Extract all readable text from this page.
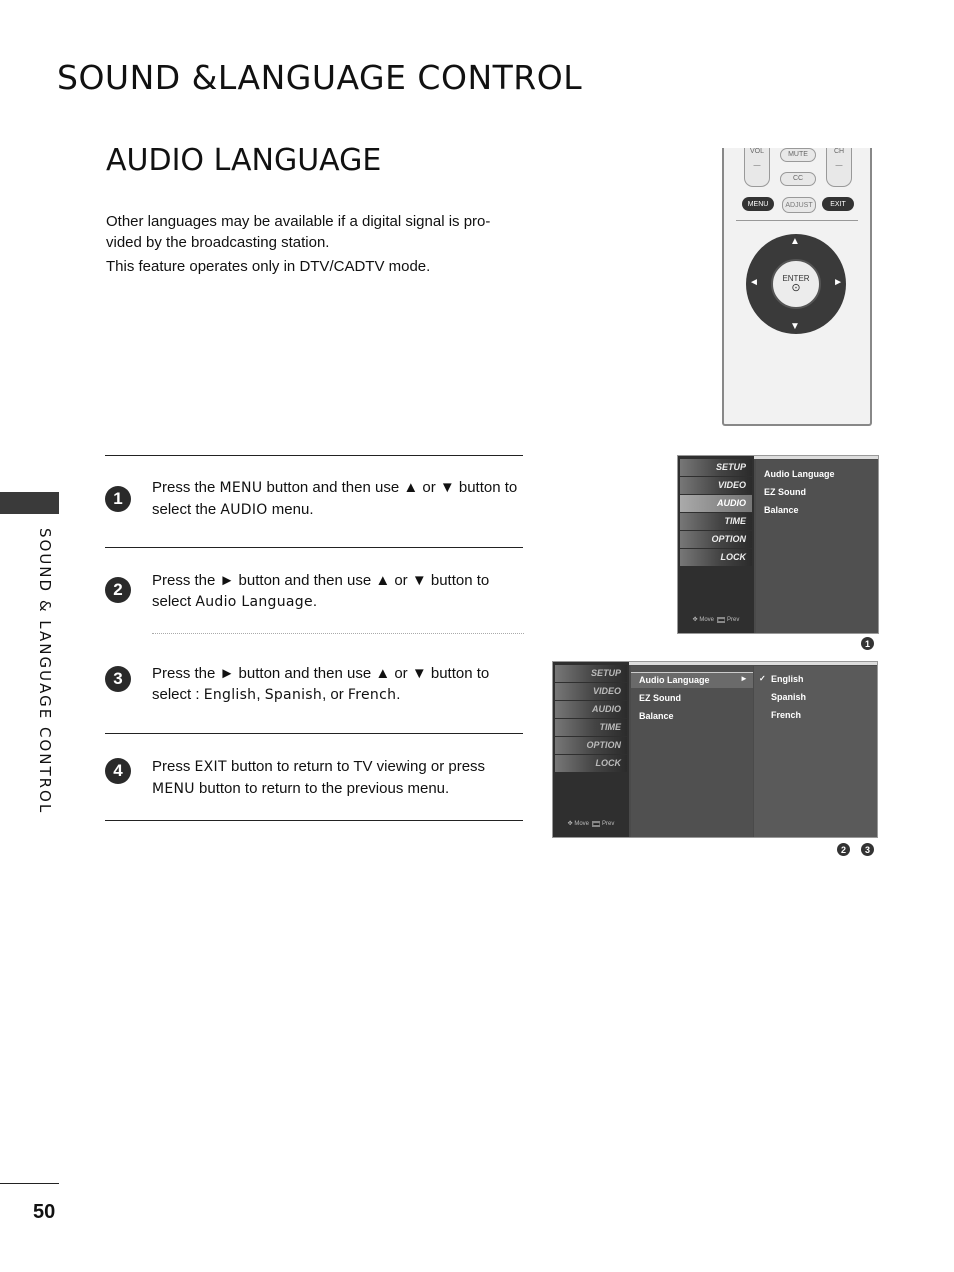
SOUND &LANGUAGE CONTROL
AUDIO LANGUAGE

Other languages may be available if a digital signal is pro-vided by the broadcasting station.

This feature operates only in DTV/CADTV mode.

SOUND & LANGUAGE CONTROL
VOL

—
MUTE
CC
CH

—
MENU	ADJUST	EXIT
▲
▼
◄	►
ENTER
⊙
1
Press the MENU button and then use ▲ or ▼ button to select the AUDIO menu.
2	Press the ► button and then use ▲ or ▼ button to select Audio Language.
3	Press the ► button and then use ▲ or ▼ button to select : English, Spanish, or French.
4	Press EXIT button to return to TV viewing or press MENU button to return to the previous menu.
SETUP
VIDEO
AUDIO
TIME
OPTION
LOCK
✥ Move ▬ Prev
Audio Language
EZ Sound
Balance
1
SETUP
VIDEO
AUDIO
TIME
OPTION
LOCK
✥ Move ▬ Prev
Audio Language	►
EZ Sound
Balance
✓ English
Spanish
French
2	3
50
